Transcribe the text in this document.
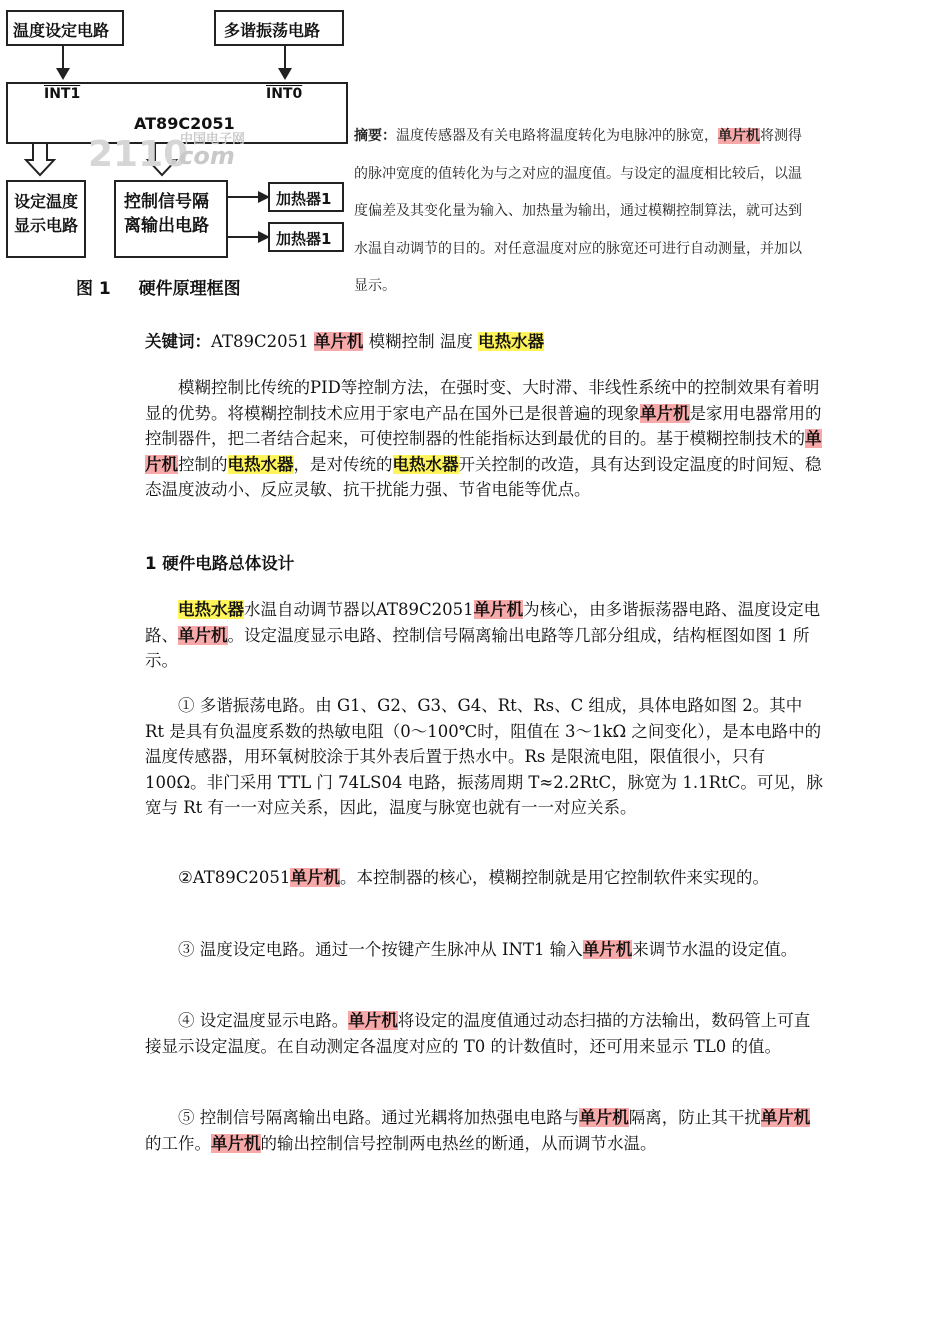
温度设定电路	多谐振荡电路
INT1	INT0
AT89C2051
2110
中国电子网
.com
设定温度
显示电路
控制信号隔
离输出电路
加热器1
加热器1
图 1 硬件原理框图
摘要：温度传感器及有关电路将温度转化为电脉冲的脉宽，单片机将测得的脉冲宽度的值转化为与之对应的温度值。与设定的温度相比较后，以温度偏差及其变化量为输入、加热量为输出，通过模糊控制算法，就可达到水温自动调节的目的。对任意温度对应的脉宽还可进行自动测量，并加以显示。
关键词：AT89C2051 单片机 模糊控制 温度 电热水器
模糊控制比传统的PID等控制方法，在强时变、大时滞、非线性系统中的控制效果有着明显的优势。将模糊控制技术应用于家电产品在国外已是很普遍的现象单片机是家用电器常用的控制器件，把二者结合起来，可使控制器的性能指标达到最优的目的。基于模糊控制技术的单片机控制的电热水器，是对传统的电热水器开关控制的改造，具有达到设定温度的时间短、稳态温度波动小、反应灵敏、抗干扰能力强、节省电能等优点。
1 硬件电路总体设计
电热水器水温自动调节器以AT89C2051单片机为核心，由多谐振荡器电路、温度设定电路、单片机。设定温度显示电路、控制信号隔离输出电路等几部分组成，结构框图如图 1 所示。
① 多谐振荡电路。由 G1、G2、G3、G4、Rt、Rs、C 组成，具体电路如图 2。其中 Rt 是具有负温度系数的热敏电阻（0～100℃时，阻值在 3～1kΩ 之间变化），是本电路中的温度传感器，用环氧树胶涂于其外表后置于热水中。Rs 是限流电阻，限值很小，只有 100Ω。非门采用 TTL 门 74LS04 电路，振荡周期 T≈2.2RtC，脉宽为 1.1RtC。可见，脉宽与 Rt 有一一对应关系，因此，温度与脉宽也就有一一对应关系。
②AT89C2051单片机。本控制器的核心，模糊控制就是用它控制软件来实现的。
③ 温度设定电路。通过一个按键产生脉冲从 INT1 输入单片机来调节水温的设定值。
④ 设定温度显示电路。单片机将设定的温度值通过动态扫描的方法输出，数码管上可直接显示设定温度。在自动测定各温度对应的 T0 的计数值时，还可用来显示 TL0 的值。
⑤ 控制信号隔离输出电路。通过光耦将加热强电电路与单片机隔离，防止其干扰单片机的工作。单片机的输出控制信号控制两电热丝的断通，从而调节水温。
